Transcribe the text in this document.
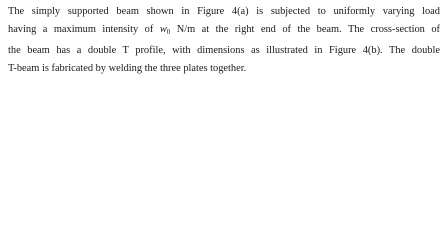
The simply supported beam shown in Figure 4(a) is subjected to uniformly varying load
having a maximum intensity of $w_0$ N/m at the right end of the beam. The cross-section of
the beam has a double T profile, with dimensions as illustrated in Figure 4(b). The double
T-beam is fabricated by welding the three plates together.
